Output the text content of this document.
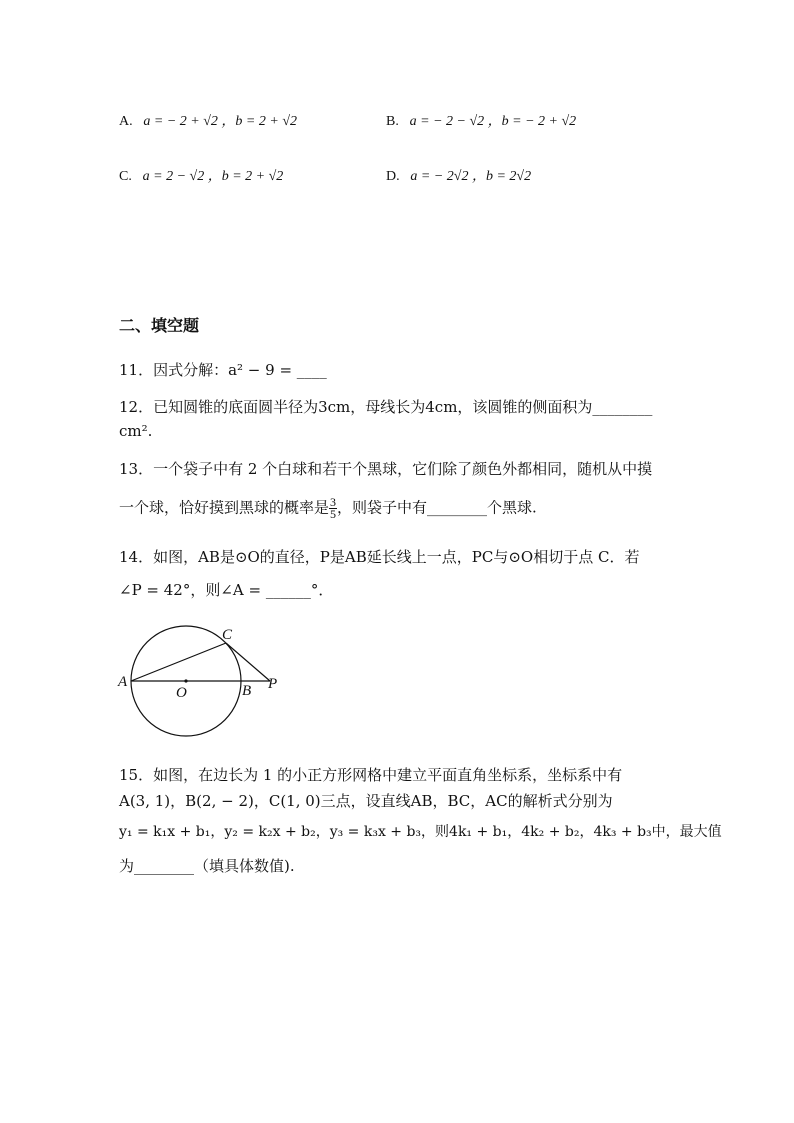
A. a = − 2 + √2 ，b = 2 + √2	B. a = − 2 − √2 ，b = − 2 + √2
C. a = 2 − √2 ，b = 2 + √2	D. a = − 2√2 ，b = 2√2
二、填空题
11．因式分解：a² − 9 = ____
12．已知圆锥的底面圆半径为3cm，母线长为4cm，该圆锥的侧面积为________
cm².
13．一个袋子中有 2 个白球和若干个黑球，它们除了颜色外都相同，随机从中摸
一个球，恰好摸到黑球的概率是 $\frac{3}{5}$ ，则袋子中有________个黑球.
14．如图，AB是⊙O的直径，P是AB延长线上一点，PC与⊙O相切于点 C．若
∠P = 42°，则∠A = ______°．
A
O	B
C
P
15．如图，在边长为 1 的小正方形网格中建立平面直角坐标系，坐标系中有
A(3, 1)，B(2, − 2)，C(1, 0)三点，设直线AB，BC，AC的解析式分别为
y₁ = k₁x + b₁，y₂ = k₂x + b₂，y₃ = k₃x + b₃，则4k₁ + b₁，4k₂ + b₂，4k₃ + b₃中，最大值
为________（填具体数值).
